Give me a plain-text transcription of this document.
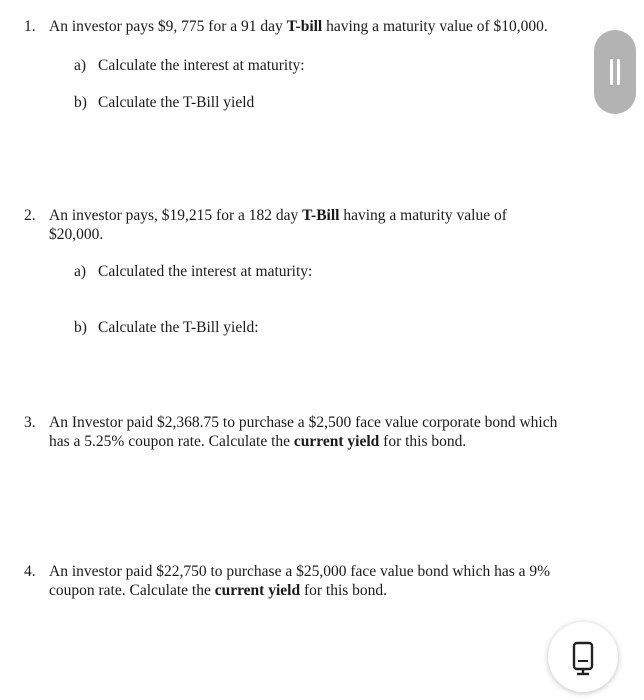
1. An investor pays $9, 775 for a 91 day T-bill having a maturity value of $10,000.
a) Calculate the interest at maturity:
b) Calculate the T-Bill yield
2. An investor pays, $19,215 for a 182 day T-Bill having a maturity value of
$20,000.
a) Calculated the interest at maturity:
b) Calculate the T-Bill yield:
3. An Investor paid $2,368.75 to purchase a $2,500 face value corporate bond which
has a 5.25% coupon rate. Calculate the current yield for this bond.
4. An investor paid $22,750 to purchase a $25,000 face value bond which has a 9%
coupon rate. Calculate the current yield for this bond.
